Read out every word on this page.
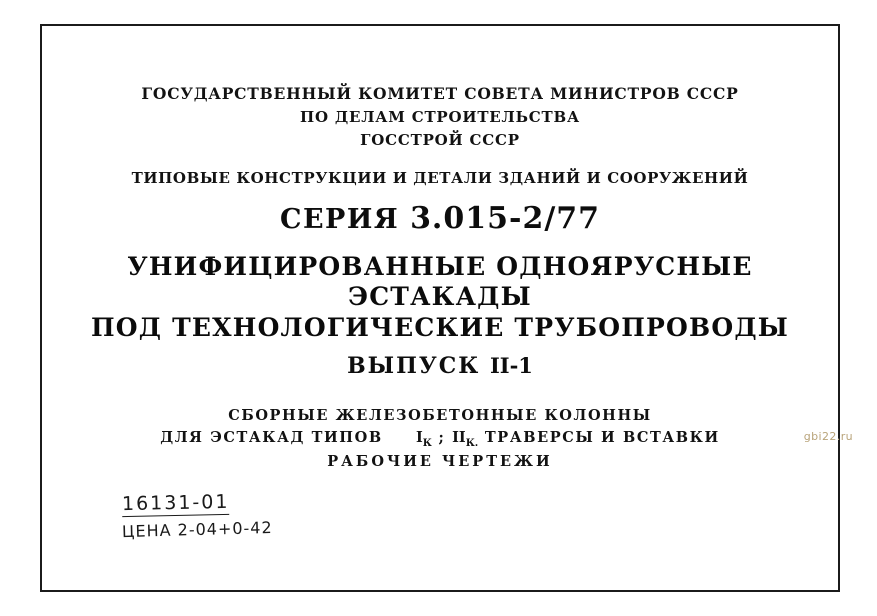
ГОСУДАРСТВЕННЫЙ КОМИТЕТ СОВЕТА МИНИСТРОВ СССР
ПО ДЕЛАМ СТРОИТЕЛЬСТВА
ГОССТРОЙ СССР
ТИПОВЫЕ КОНСТРУКЦИИ И ДЕТАЛИ ЗДАНИЙ И СООРУЖЕНИЙ
СЕРИЯ 3.015-2/77
УНИФИЦИРОВАННЫЕ ОДНОЯРУСНЫЕ ЭСТАКАДЫ
ПОД ТЕХНОЛОГИЧЕСКИЕ ТРУБОПРОВОДЫ
ВЫПУСК II-1
СБОРНЫЕ ЖЕЛЕЗОБЕТОННЫЕ КОЛОННЫ
ДЛЯ ЭСТАКАД ТИПОВ $I_К$ ; $II_{К.}$ ТРАВЕРСЫ И ВСТАВКИ
РАБОЧИЕ ЧЕРТЕЖИ
16131-01
ЦЕНА 2-04+0-42
gbi22.ru
